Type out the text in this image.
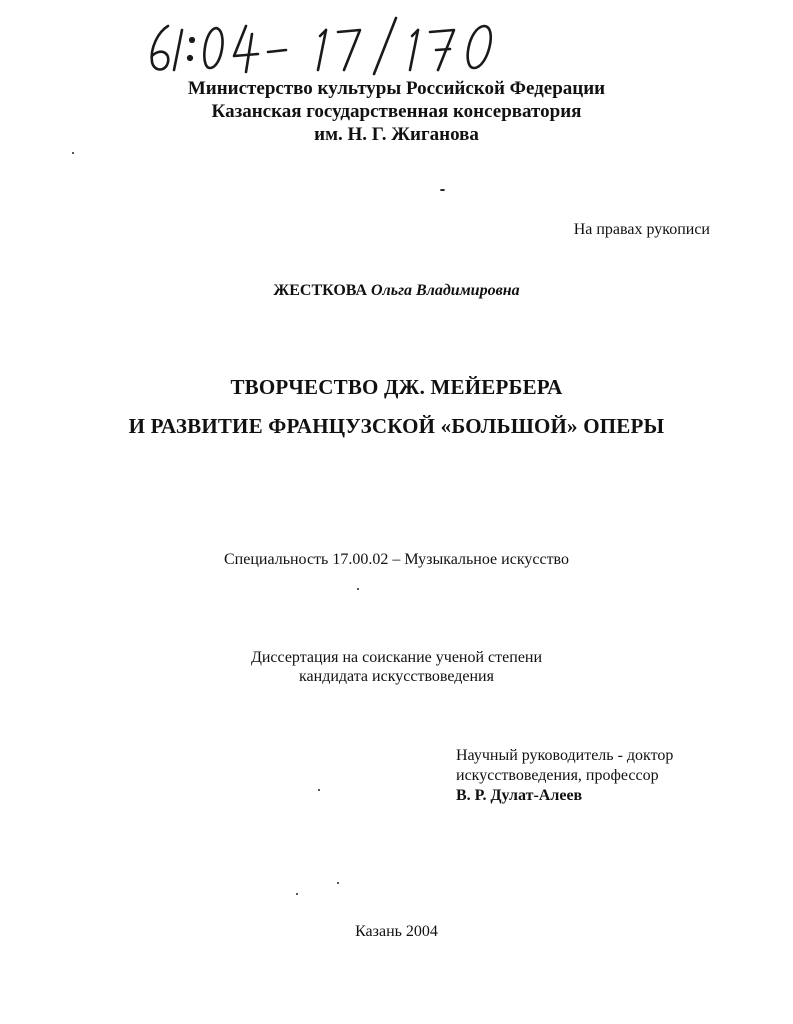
Министерство культуры Российской Федерации
Казанская государственная консерватория
им. Н. Г. Жиганова
На правах рукописи
ЖЕСТКОВА Ольга Владимировна
ТВОРЧЕСТВО ДЖ. МЕЙЕРБЕРА
И РАЗВИТИЕ ФРАНЦУЗСКОЙ «БОЛЬШОЙ» ОПЕРЫ
Специальность 17.00.02 – Музыкальное искусство
Диссертация на соискание ученой степени
кандидата искусствоведения
Научный руководитель - доктор
искусствоведения, профессор
В. Р. Дулат-Алеев
Казань 2004
